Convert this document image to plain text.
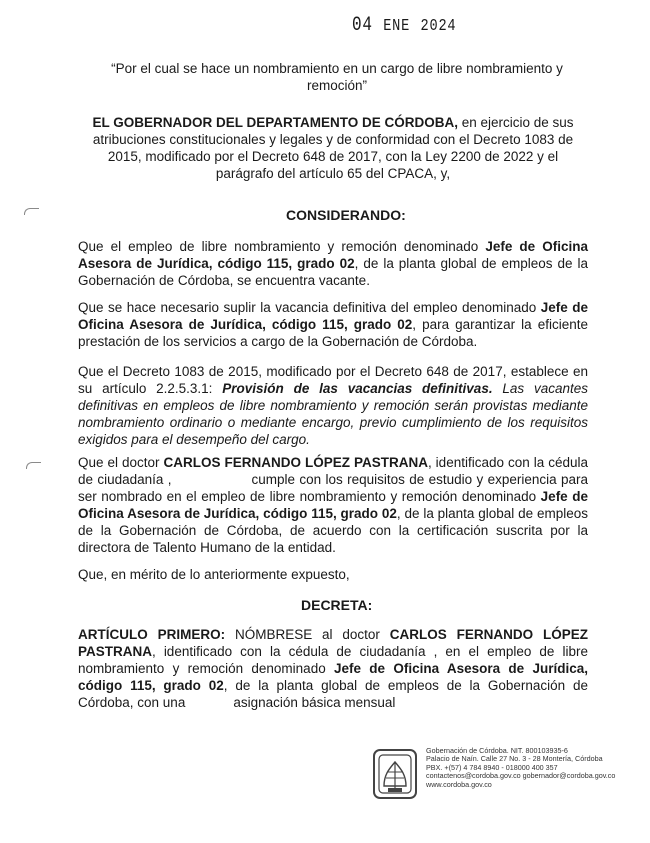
04 ENE 2024
“Por el cual se hace un nombramiento en un cargo de libre nombramiento y remoción”
EL GOBERNADOR DEL DEPARTAMENTO DE CÓRDOBA, en ejercicio de sus atribuciones constitucionales y legales y de conformidad con el Decreto 1083 de 2015, modificado por el Decreto 648 de 2017, con la Ley 2200 de 2022 y el parágrafo del artículo 65 del CPACA, y,
CONSIDERANDO:
Que el empleo de libre nombramiento y remoción denominado Jefe de Oficina Asesora de Jurídica, código 115, grado 02, de la planta global de empleos de la Gobernación de Córdoba, se encuentra vacante.
Que se hace necesario suplir la vacancia definitiva del empleo denominado Jefe de Oficina Asesora de Jurídica, código 115, grado 02, para garantizar la eficiente prestación de los servicios a cargo de la Gobernación de Córdoba.
Que el Decreto 1083 de 2015, modificado por el Decreto 648 de 2017, establece en su artículo 2.2.5.3.1: Provisión de las vacancias definitivas. Las vacantes definitivas en empleos de libre nombramiento y remoción serán provistas mediante nombramiento ordinario o mediante encargo, previo cumplimiento de los requisitos exigidos para el desempeño del cargo.
Que el doctor CARLOS FERNANDO LÓPEZ PASTRANA, identificado con la cédula de ciudadanía ,	cumple con los requisitos de estudio y experiencia para ser nombrado en el empleo de libre nombramiento y remoción denominado Jefe de Oficina Asesora de Jurídica, código 115, grado 02, de la planta global de empleos de la Gobernación de Córdoba, de acuerdo con la certificación suscrita por la directora de Talento Humano de la entidad.
Que, en mérito de lo anteriormente expuesto,
DECRETA:
ARTÍCULO PRIMERO: NÓMBRESE al doctor CARLOS FERNANDO LÓPEZ PASTRANA, identificado con la cédula de ciudadanía , en el empleo de libre nombramiento y remoción denominado Jefe de Oficina Asesora de Jurídica, código 115, grado 02, de la planta global de empleos de la Gobernación de Córdoba, con una	asignación básica mensual
Gobernación de Córdoba. NIT. 800103935-6
Palacio de Naín. Calle 27 No. 3 - 28 Montería, Córdoba
PBX. +(57) 4 784 8940 - 018000 400 357
contactenos@cordoba.gov.co gobernador@cordoba.gov.co
www.cordoba.gov.co
